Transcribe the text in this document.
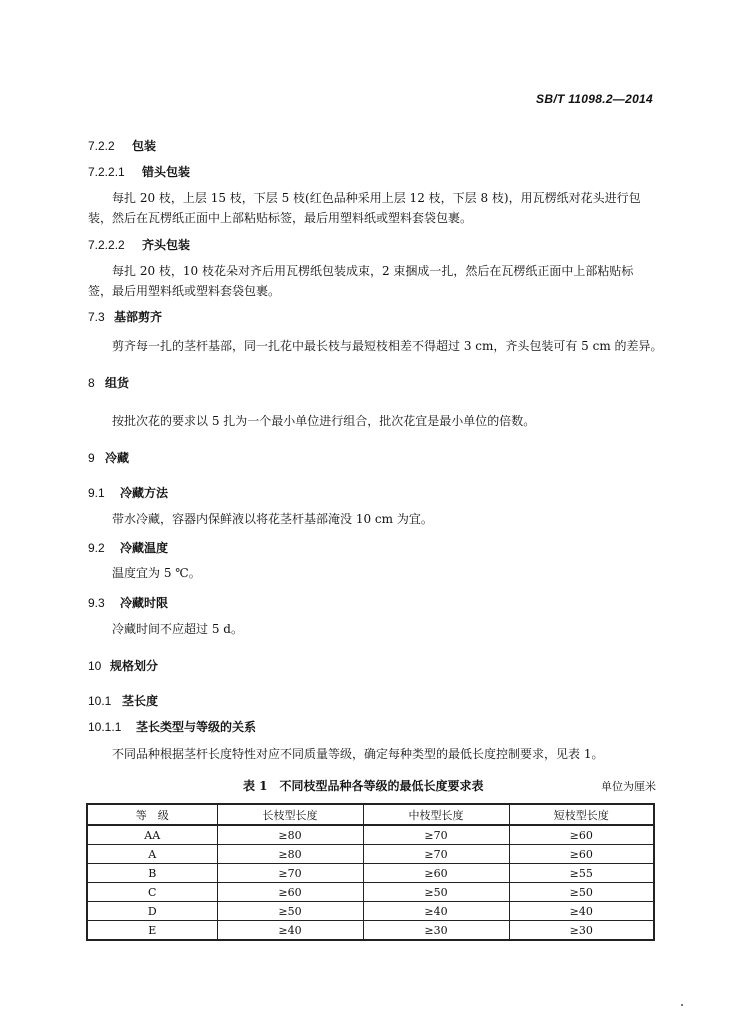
SB/T 11098.2—2014
7.2.2 包装
7.2.2.1 错头包装
每扎 20 枝，上层 15 枝，下层 5 枝(红色品种采用上层 12 枝，下层 8 枝)，用瓦楞纸对花头进行包装，然后在瓦楞纸正面中上部粘贴标签，最后用塑料纸或塑料套袋包裹。
7.2.2.2 齐头包装
每扎 20 枝，10 枝花朵对齐后用瓦楞纸包装成束，2 束捆成一扎，然后在瓦楞纸正面中上部粘贴标签，最后用塑料纸或塑料套袋包裹。
7.3 基部剪齐
剪齐每一扎的茎杆基部，同一扎花中最长枝与最短枝相差不得超过 3 cm，齐头包装可有 5 cm 的差异。
8 组货
按批次花的要求以 5 扎为一个最小单位进行组合，批次花宜是最小单位的倍数。
9 冷藏
9.1 冷藏方法
带水冷藏，容器内保鲜液以将花茎杆基部淹没 10 cm 为宜。
9.2 冷藏温度
温度宜为 5 ℃。
9.3 冷藏时限
冷藏时间不应超过 5 d。
10 规格划分
10.1 茎长度
10.1.1 茎长类型与等级的关系
不同品种根据茎杆长度特性对应不同质量等级，确定每种类型的最低长度控制要求，见表 1。
表 1　不同枝型品种各等级的最低长度要求表	单位为厘米
等　级	长枝型长度	中枝型长度	短枝型长度
AA	≥80	≥70	≥60
A	≥80	≥70	≥60
B	≥70	≥60	≥55
C	≥60	≥50	≥50
D	≥50	≥40	≥40
E	≥40	≥30	≥30
